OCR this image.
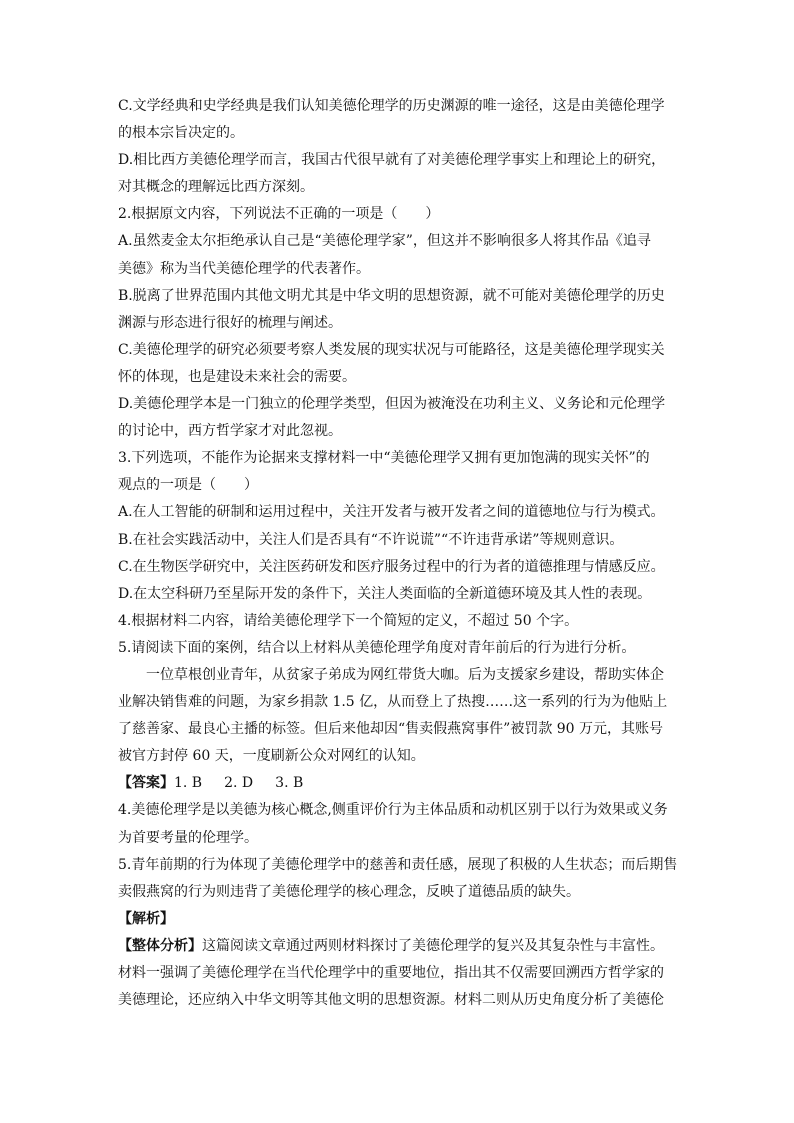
C.文学经典和史学经典是我们认知美德伦理学的历史渊源的唯一途径，这是由美德伦理学

的根本宗旨决定的。

D.相比西方美德伦理学而言，我国古代很早就有了对美德伦理学事实上和理论上的研究，

对其概念的理解远比西方深刻。

2.根据原文内容，下列说法不正确的一项是（　　）

A.虽然麦金太尔拒绝承认自己是“美德伦理学家”，但这并不影响很多人将其作品《追寻

美德》称为当代美德伦理学的代表著作。

B.脱离了世界范围内其他文明尤其是中华文明的思想资源，就不可能对美德伦理学的历史

渊源与形态进行很好的梳理与阐述。

C.美德伦理学的研究必须要考察人类发展的现实状况与可能路径，这是美德伦理学现实关

怀的体现，也是建设未来社会的需要。

D.美德伦理学本是一门独立的伦理学类型，但因为被淹没在功利主义、义务论和元伦理学

的讨论中，西方哲学家才对此忽视。

3.下列选项，不能作为论据来支撑材料一中“美德伦理学又拥有更加饱满的现实关怀”的

观点的一项是（　　）

A.在人工智能的研制和运用过程中，关注开发者与被开发者之间的道德地位与行为模式。

B.在社会实践活动中，关注人们是否具有“不许说谎”“不许违背承诺”等规则意识。

C.在生物医学研究中，关注医药研发和医疗服务过程中的行为者的道德推理与情感反应。

D.在太空科研乃至星际开发的条件下，关注人类面临的全新道德环境及其人性的表现。

4.根据材料二内容，请给美德伦理学下一个简短的定义，不超过 50 个字。

5.请阅读下面的案例，结合以上材料从美德伦理学角度对青年前后的行为进行分析。

一位草根创业青年，从贫家子弟成为网红带货大咖。后为支援家乡建设，帮助实体企

业解决销售难的问题，为家乡捐款 1.5 亿，从而登上了热搜……这一系列的行为为他贴上

了慈善家、最良心主播的标签。但后来他却因“售卖假燕窝事件”被罚款 90 万元，其账号

被官方封停 60 天，一度刷新公众对网红的认知。

【答案】1. B 2. D 3. B

4.美德伦理学是以美德为核心概念,侧重评价行为主体品质和动机区别于以行为效果或义务

为首要考量的伦理学。

5.青年前期的行为体现了美德伦理学中的慈善和责任感，展现了积极的人生状态；而后期售

卖假燕窝的行为则违背了美德伦理学的核心理念，反映了道德品质的缺失。

【解析】

【整体分析】这篇阅读文章通过两则材料探讨了美德伦理学的复兴及其复杂性与丰富性。

材料一强调了美德伦理学在当代伦理学中的重要地位，指出其不仅需要回溯西方哲学家的

美德理论，还应纳入中华文明等其他文明的思想资源。材料二则从历史角度分析了美德伦
